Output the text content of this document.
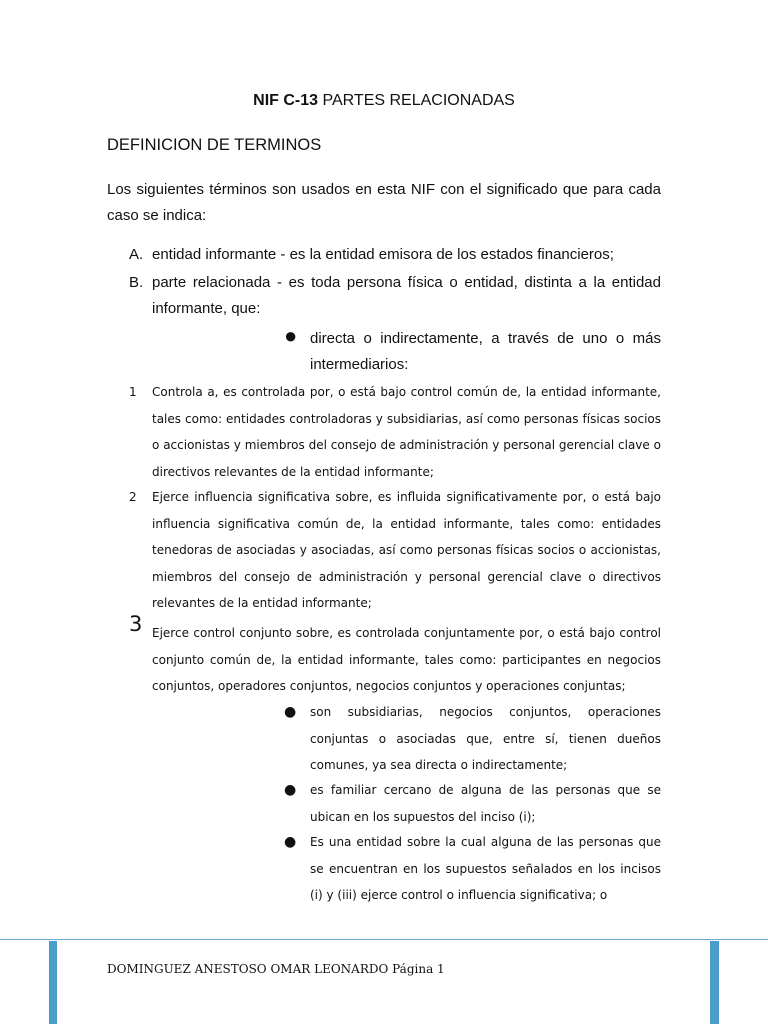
NIF C-13 PARTES RELACIONADAS
DEFINICION DE TERMINOS

Los siguientes términos son usados en esta NIF con el significado que para cada caso se indica:

A. entidad informante - es la entidad emisora de los estados financieros;
B. parte relacionada - es toda persona física o entidad, distinta a la entidad informante, que:
● directa o indirectamente, a través de uno o más intermediarios:
1 Controla a, es controlada por, o está bajo control común de, la entidad informante, tales como: entidades controladoras y subsidiarias, así como personas físicas socios o accionistas y miembros del consejo de administración y personal gerencial clave o directivos relevantes de la entidad informante;
2 Ejerce influencia significativa sobre, es influida significativamente por, o está bajo influencia significativa común de, la entidad informante, tales como: entidades tenedoras de asociadas y asociadas, así como personas físicas socios o accionistas, miembros del consejo de administración y personal gerencial clave o directivos relevantes de la entidad informante;
3 Ejerce control conjunto sobre, es controlada conjuntamente por, o está bajo control conjunto común de, la entidad informante, tales como: participantes en negocios conjuntos, operadores conjuntos, negocios conjuntos y operaciones conjuntas;
● son subsidiarias, negocios conjuntos, operaciones conjuntas o asociadas que, entre sí, tienen dueños comunes, ya sea directa o indirectamente;
● es familiar cercano de alguna de las personas que se ubican en los supuestos del inciso (i);
● Es una entidad sobre la cual alguna de las personas que se encuentran en los supuestos señalados en los incisos (i) y (iii) ejerce control o influencia significativa; o
DOMINGUEZ ANESTOSO OMAR LEONARDO Página 1
